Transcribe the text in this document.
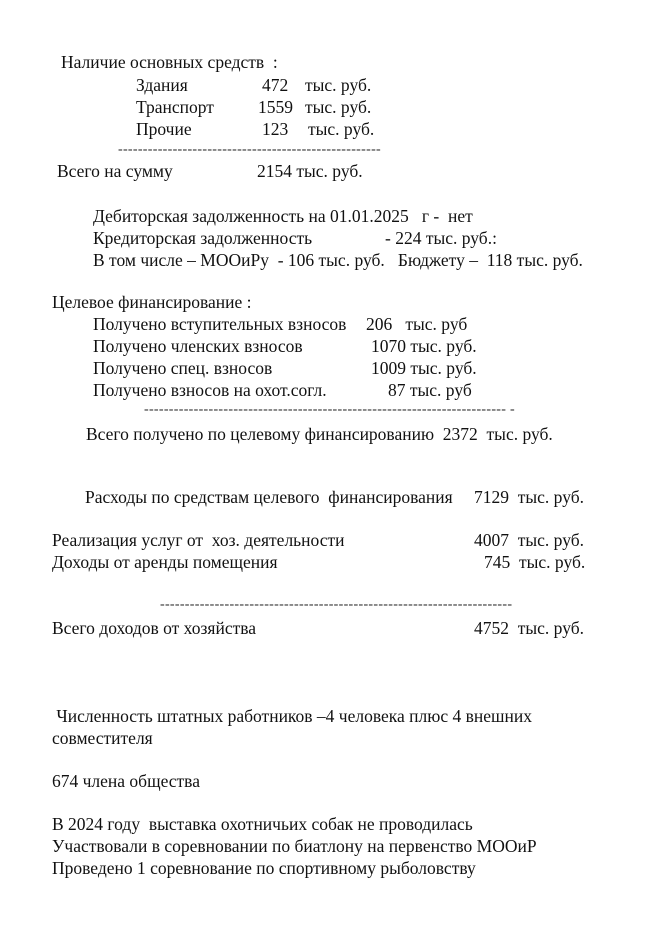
Наличие основных средств  :
Здания	472 тыс. руб.
Транспорт	1559 тыс. руб.
Прочие	123 тыс. руб.
-----------------------------------------------------
Всего на сумму	2154 тыс. руб.
Дебиторская задолженность на 01.01.2025   г -  нет
Кредиторская задолженность	- 224 тыс. руб.:
В том числе – МООиРу  - 106 тыс. руб.   Бюджету –  118 тыс. руб.
Целевое финансирование :
Получено вступительных взносов 206   тыс. руб
Получено членских взносов	1070 тыс. руб.
Получено спец. взносов	1009 тыс. руб.
Получено взносов на охот.согл.	87 тыс. руб
------------------------------------------------------------------------- -
Всего получено по целевому финансированию  2372  тыс. руб.
Расходы по средствам целевого  финансирования 7129  тыс. руб.
Реализация услуг от  хоз. деятельности	4007  тыс. руб.
Доходы от аренды помещения	745  тыс. руб.
-----------------------------------------------------------------------
Всего доходов от хозяйства	4752  тыс. руб.
Численность штатных работников –4 человека плюс 4 внешних
совместителя
674 члена общества
В 2024 году  выставка охотничьих собак не проводилась
Участвовали в соревновании по биатлону на первенство МООиР
Проведено 1 соревнование по спортивному рыболовству
